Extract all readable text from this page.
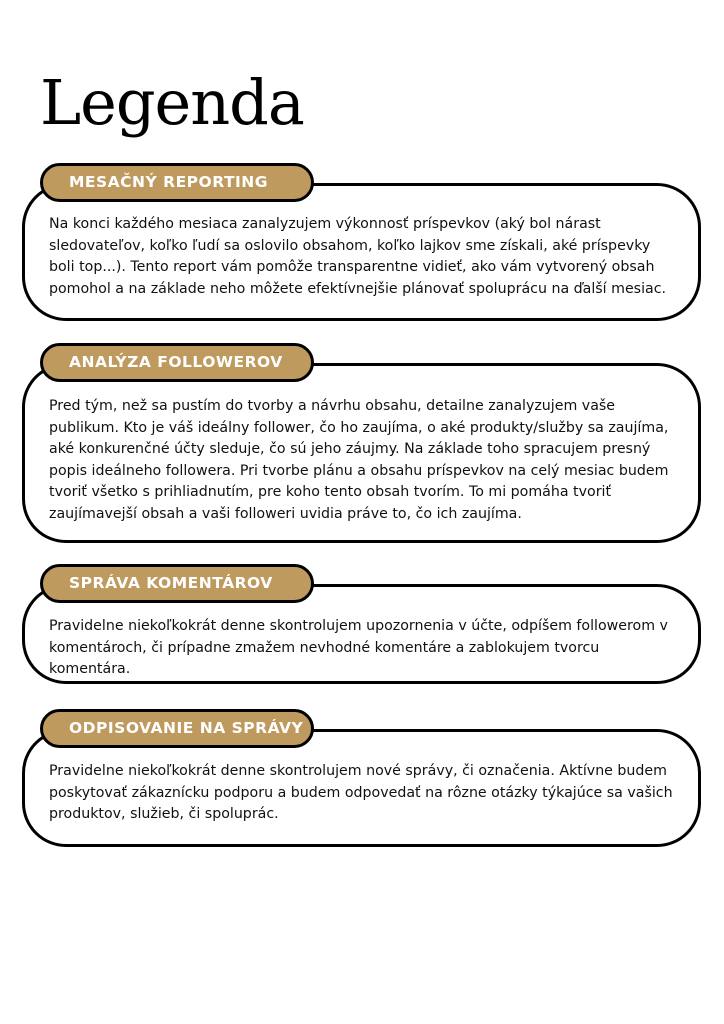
Legenda
MESAČNÝ REPORTING
Na konci každého mesiaca zanalyzujem výkonnosť príspevkov (aký bol nárast sledovateľov, koľko ľudí sa oslovilo obsahom, koľko lajkov sme získali, aké príspevky boli top...). Tento report vám pomôže transparentne vidieť, ako vám vytvorený obsah pomohol a na základe neho môžete efektívnejšie plánovať spoluprácu na ďalší mesiac.
ANALÝZA FOLLOWEROV
Pred tým, než sa pustím do tvorby a návrhu obsahu, detailne zanalyzujem vaše publikum. Kto je váš ideálny follower, čo ho zaujíma, o aké produkty/služby sa zaujíma, aké konkurenčné účty sleduje, čo sú jeho záujmy. Na základe toho spracujem presný popis ideálneho followera. Pri tvorbe plánu a obsahu príspevkov na celý mesiac budem tvoriť všetko s prihliadnutím, pre koho tento obsah tvorím. To mi pomáha tvoriť zaujímavejší obsah a vaši followeri uvidia práve to, čo ich zaujíma.
SPRÁVA KOMENTÁROV
Pravidelne niekoľkokrát denne skontrolujem upozornenia v účte, odpíšem followerom v komentároch, či prípadne zmažem nevhodné komentáre a zablokujem tvorcu komentára.
ODPISOVANIE NA SPRÁVY
Pravidelne niekoľkokrát denne skontrolujem nové správy, či označenia. Aktívne budem poskytovať zákaznícku podporu a budem odpovedať na rôzne otázky týkajúce sa vašich produktov, služieb, či spoluprác.
